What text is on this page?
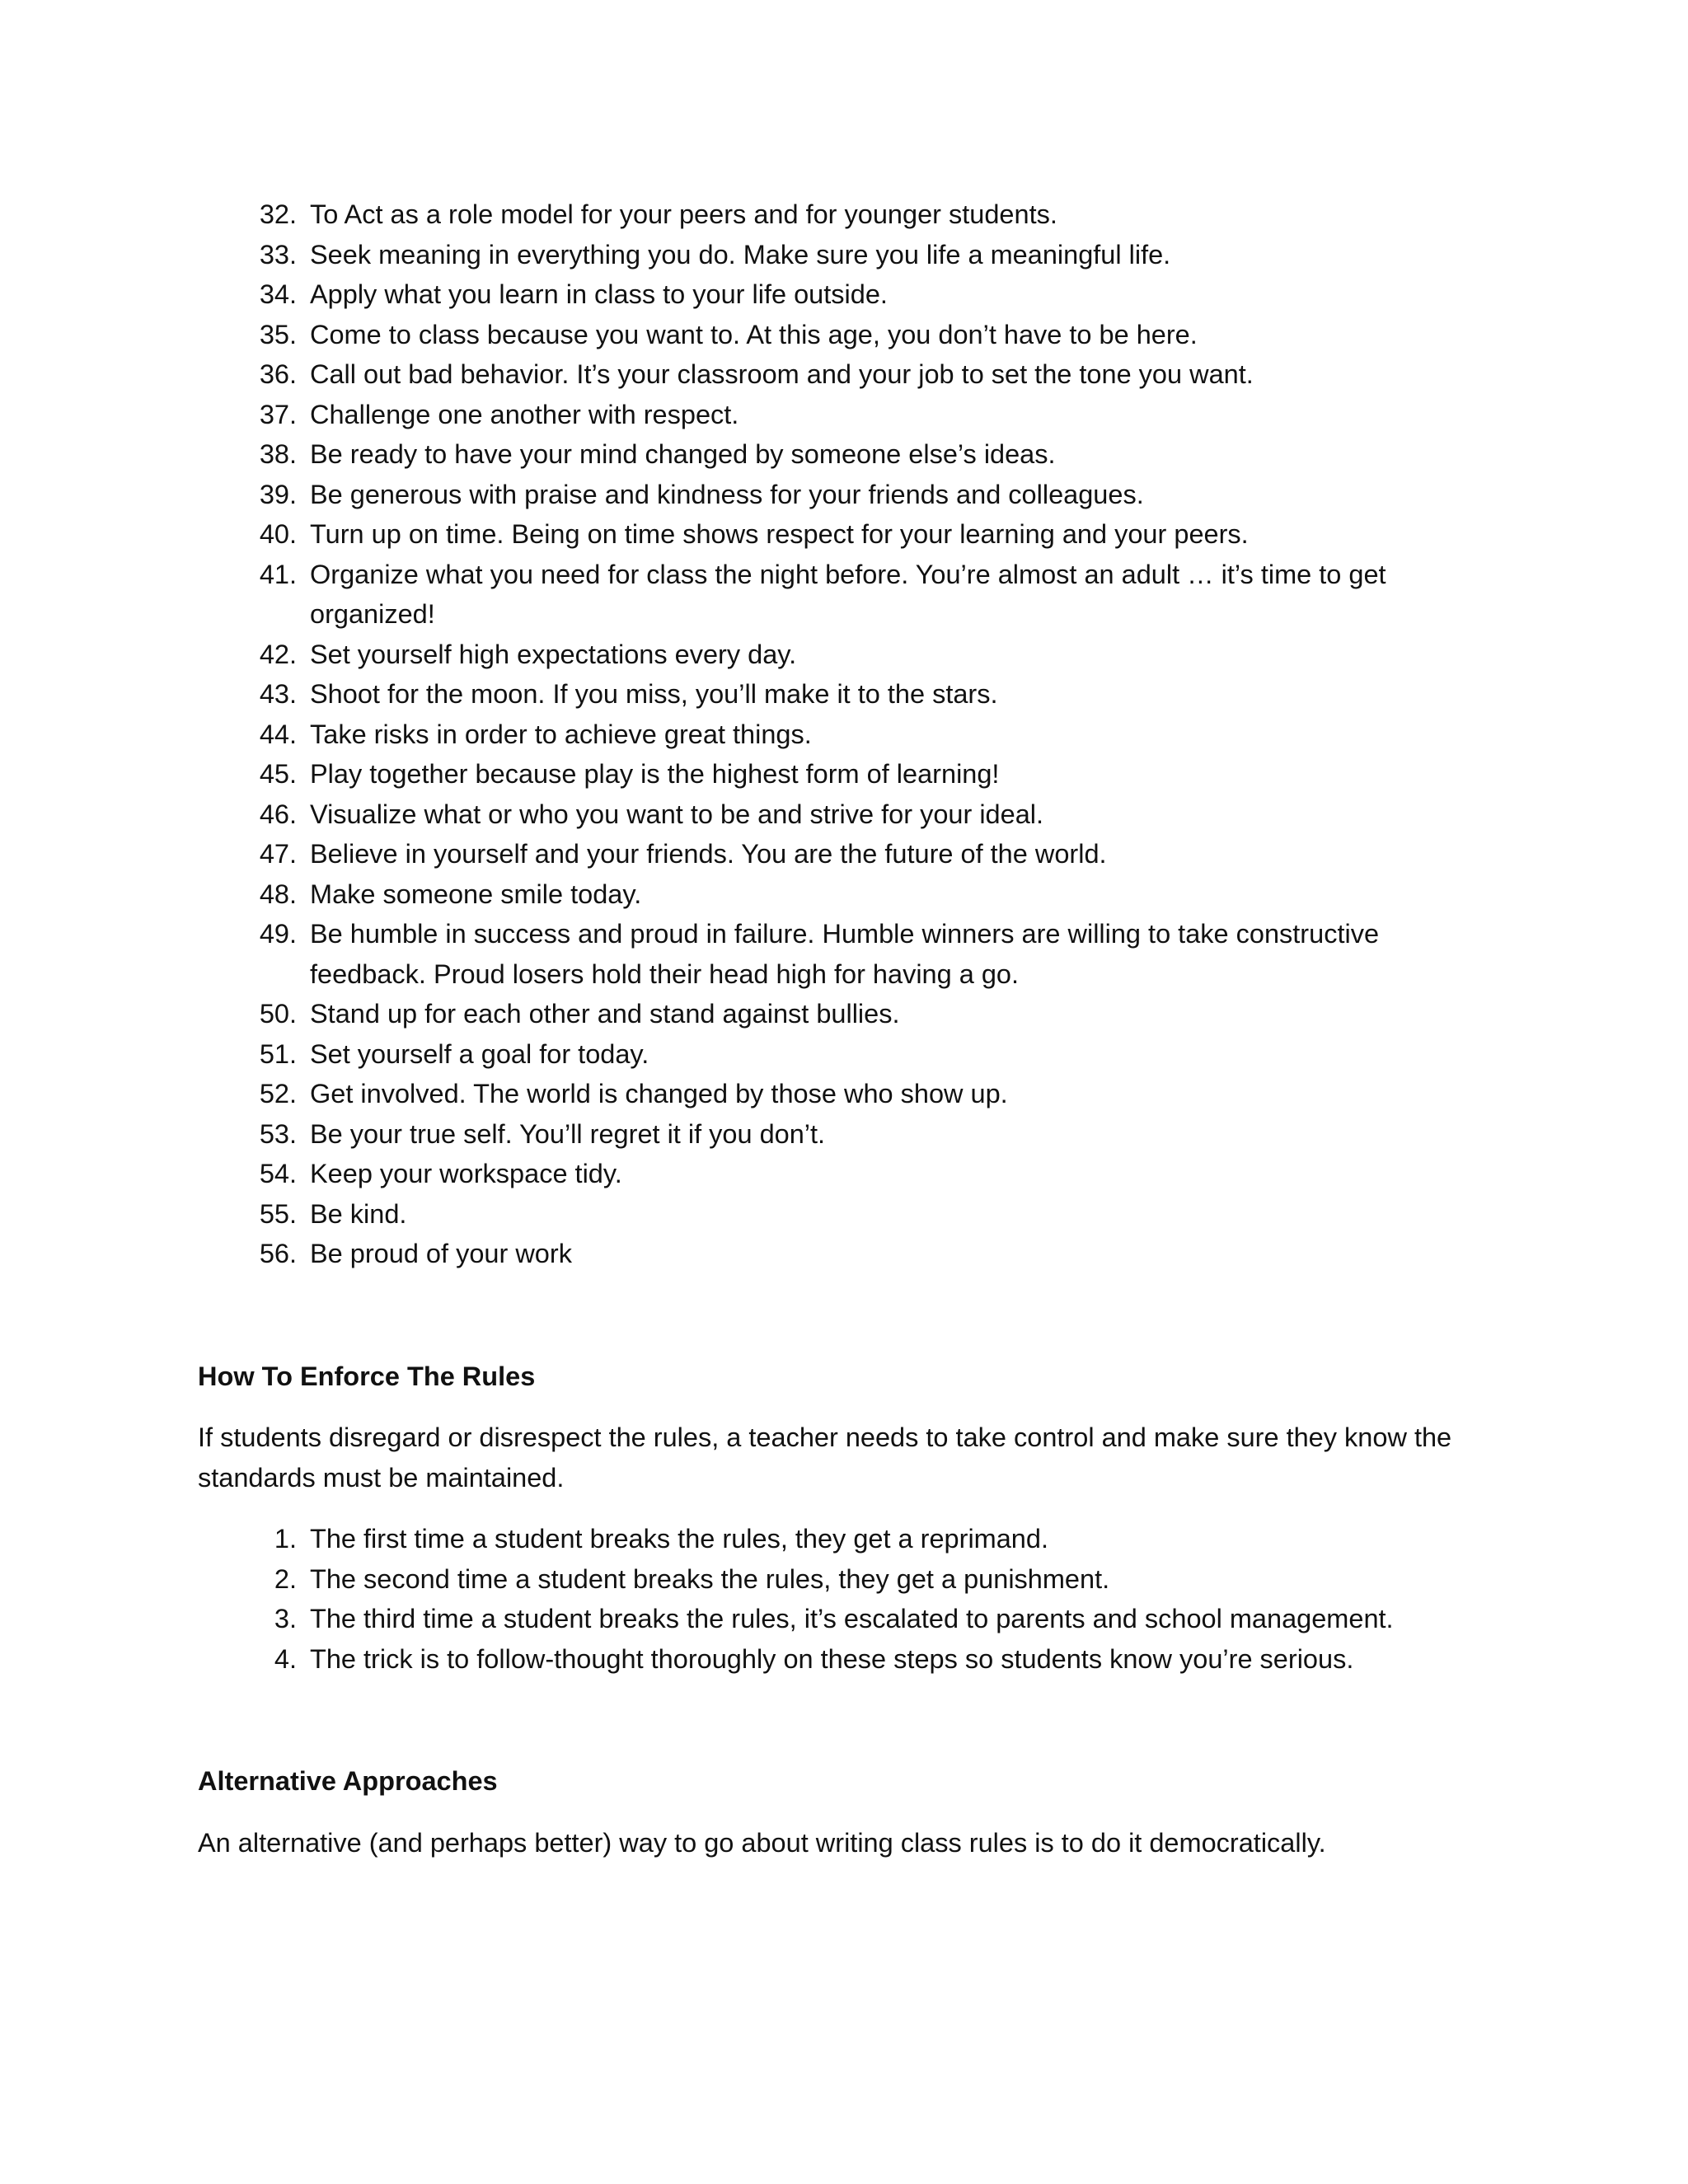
32. To Act as a role model for your peers and for younger students.
33. Seek meaning in everything you do. Make sure you life a meaningful life.
34. Apply what you learn in class to your life outside.
35. Come to class because you want to. At this age, you don’t have to be here.
36. Call out bad behavior. It’s your classroom and your job to set the tone you want.
37. Challenge one another with respect.
38. Be ready to have your mind changed by someone else’s ideas.
39. Be generous with praise and kindness for your friends and colleagues.
40. Turn up on time. Being on time shows respect for your learning and your peers.
41. Organize what you need for class the night before. You’re almost an adult … it’s time to get organized!
42. Set yourself high expectations every day.
43. Shoot for the moon. If you miss, you’ll make it to the stars.
44. Take risks in order to achieve great things.
45. Play together because play is the highest form of learning!
46. Visualize what or who you want to be and strive for your ideal.
47. Believe in yourself and your friends. You are the future of the world.
48. Make someone smile today.
49. Be humble in success and proud in failure. Humble winners are willing to take constructive feedback. Proud losers hold their head high for having a go.
50. Stand up for each other and stand against bullies.
51. Set yourself a goal for today.
52. Get involved. The world is changed by those who show up.
53. Be your true self. You’ll regret it if you don’t.
54. Keep your workspace tidy.
55. Be kind.
56. Be proud of your work

How To Enforce The Rules

If students disregard or disrespect the rules, a teacher needs to take control and make sure they know the standards must be maintained.

1. The first time a student breaks the rules, they get a reprimand.
2. The second time a student breaks the rules, they get a punishment.
3. The third time a student breaks the rules, it’s escalated to parents and school management.
4. The trick is to follow-thought thoroughly on these steps so students know you’re serious.

Alternative Approaches

An alternative (and perhaps better) way to go about writing class rules is to do it democratically.
